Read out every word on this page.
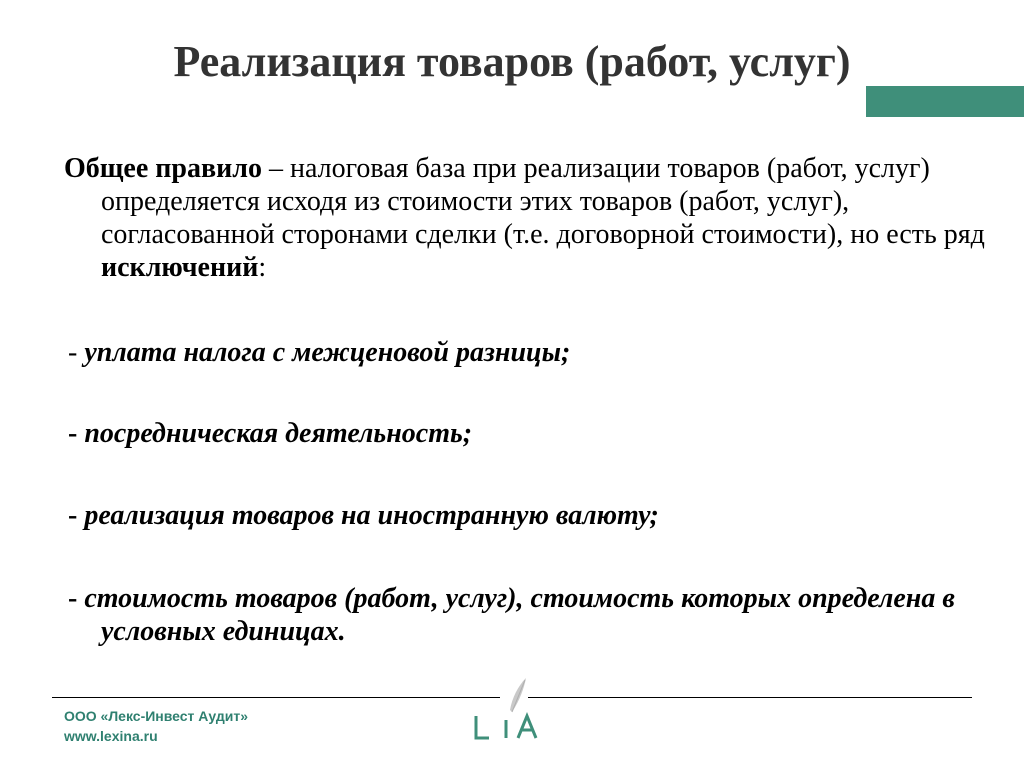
Реализация товаров (работ, услуг)

Общее правило – налоговая база при реализации товаров (работ, услуг) определяется исходя из стоимости этих товаров (работ, услуг), согласованной сторонами сделки (т.е. договорной стоимости), но есть ряд исключений:

- уплата налога с межценовой разницы;
- посредническая деятельность;
- реализация товаров на иностранную валюту;
- стоимость товаров (работ, услуг), стоимость которых определена в условных единицах.
ООО «Лекс-Инвест Аудит»
www.lexina.ru
